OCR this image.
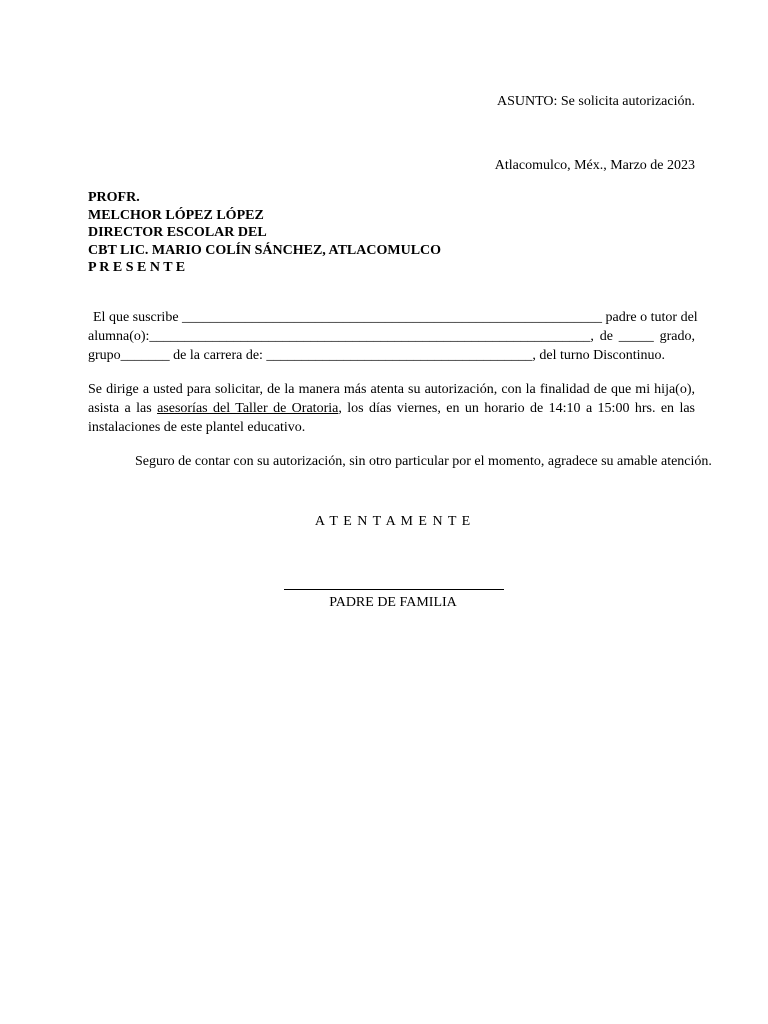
ASUNTO: Se solicita autorización.
Atlacomulco, Méx., Marzo de 2023
PROFR.
MELCHOR LÓPEZ LÓPEZ
DIRECTOR ESCOLAR DEL
CBT LIC. MARIO COLÍN SÁNCHEZ, ATLACOMULCO
P R E S E N T E
El que suscribe ____________________________________________________________ padre o tutor del
alumna(o):_______________________________________________________________, de _____ grado,
grupo_______ de la carrera de: ______________________________________, del turno Discontinuo.
Se dirige a usted para solicitar, de la manera más atenta su autorización, con la finalidad de que mi hija(o),
asista a las asesorías del Taller de Oratoria, los días viernes, en un horario de 14:10 a 15:00 hrs. en las
instalaciones de este plantel educativo.
Seguro de contar con su autorización, sin otro particular por el momento, agradece su amable atención.
A T E N T A M E N T E
PADRE DE FAMILIA
